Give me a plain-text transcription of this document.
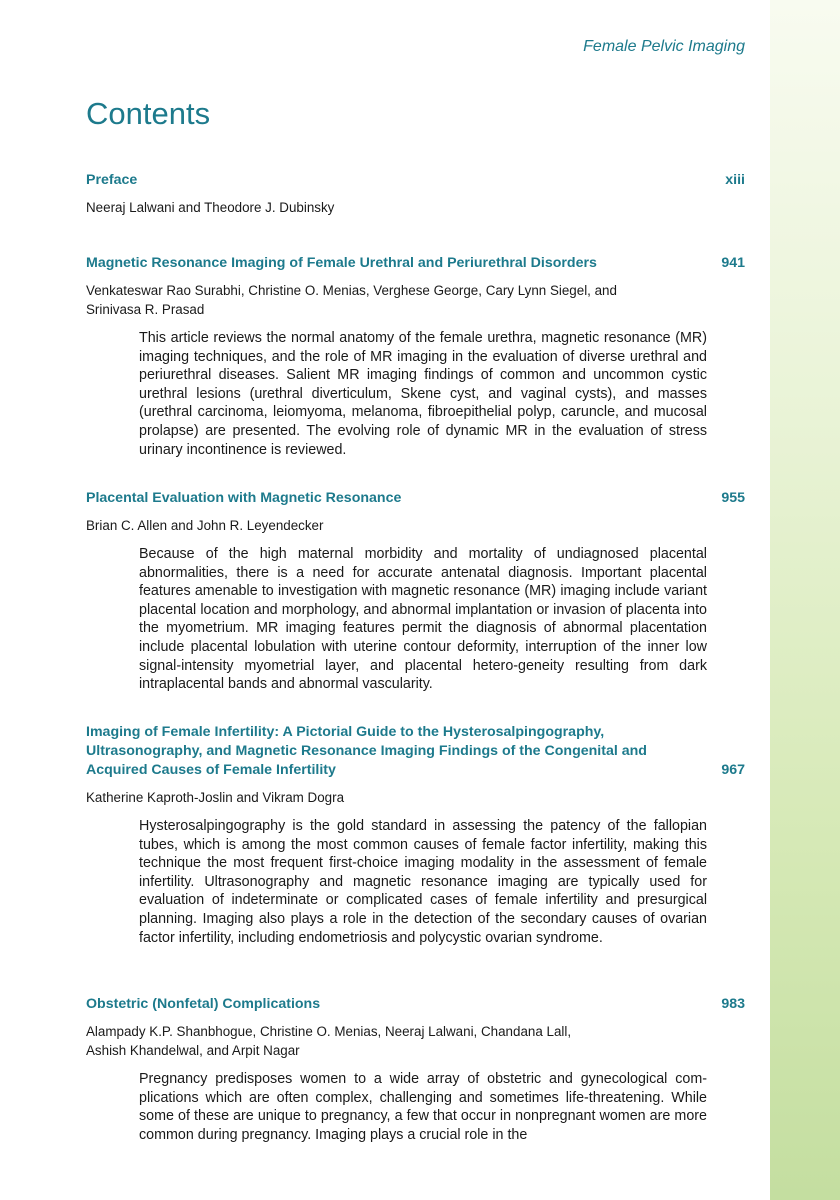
Female Pelvic Imaging
Contents
Preface	xiii
Neeraj Lalwani and Theodore J. Dubinsky
Magnetic Resonance Imaging of Female Urethral and Periurethral Disorders	941
Venkateswar Rao Surabhi, Christine O. Menias, Verghese George, Cary Lynn Siegel, and Srinivasa R. Prasad
This article reviews the normal anatomy of the female urethra, magnetic resonance (MR) imaging techniques, and the role of MR imaging in the evaluation of diverse urethral and periurethral diseases. Salient MR imaging findings of common and uncommon cystic urethral lesions (urethral diverticulum, Skene cyst, and vaginal cysts), and masses (urethral carcinoma, leiomyoma, melanoma, fibroepithelial polyp, caruncle, and mucosal prolapse) are presented. The evolving role of dynamic MR in the evaluation of stress urinary incontinence is reviewed.
Placental Evaluation with Magnetic Resonance	955
Brian C. Allen and John R. Leyendecker
Because of the high maternal morbidity and mortality of undiagnosed placental abnormalities, there is a need for accurate antenatal diagnosis. Important placental features amenable to investigation with magnetic resonance (MR) imaging include variant placental location and morphology, and abnormal implantation or invasion of placenta into the myometrium. MR imaging features permit the diagnosis of abnormal placentation include placental lobulation with uterine contour deformity, interruption of the inner low signal-intensity myometrial layer, and placental hetero-geneity resulting from dark intraplacental bands and abnormal vascularity.
Imaging of Female Infertility: A Pictorial Guide to the Hysterosalpingography, Ultrasonography, and Magnetic Resonance Imaging Findings of the Congenital and Acquired Causes of Female Infertility	967
Katherine Kaproth-Joslin and Vikram Dogra
Hysterosalpingography is the gold standard in assessing the patency of the fallopian tubes, which is among the most common causes of female factor infertility, making this technique the most frequent first-choice imaging modality in the assessment of female infertility. Ultrasonography and magnetic resonance imaging are typically used for evaluation of indeterminate or complicated cases of female infertility and presurgical planning. Imaging also plays a role in the detection of the secondary causes of ovarian factor infertility, including endometriosis and polycystic ovarian syndrome.
Obstetric (Nonfetal) Complications	983
Alampady K.P. Shanbhogue, Christine O. Menias, Neeraj Lalwani, Chandana Lall, Ashish Khandelwal, and Arpit Nagar
Pregnancy predisposes women to a wide array of obstetric and gynecological com-plications which are often complex, challenging and sometimes life-threatening. While some of these are unique to pregnancy, a few that occur in nonpregnant women are more common during pregnancy. Imaging plays a crucial role in the
